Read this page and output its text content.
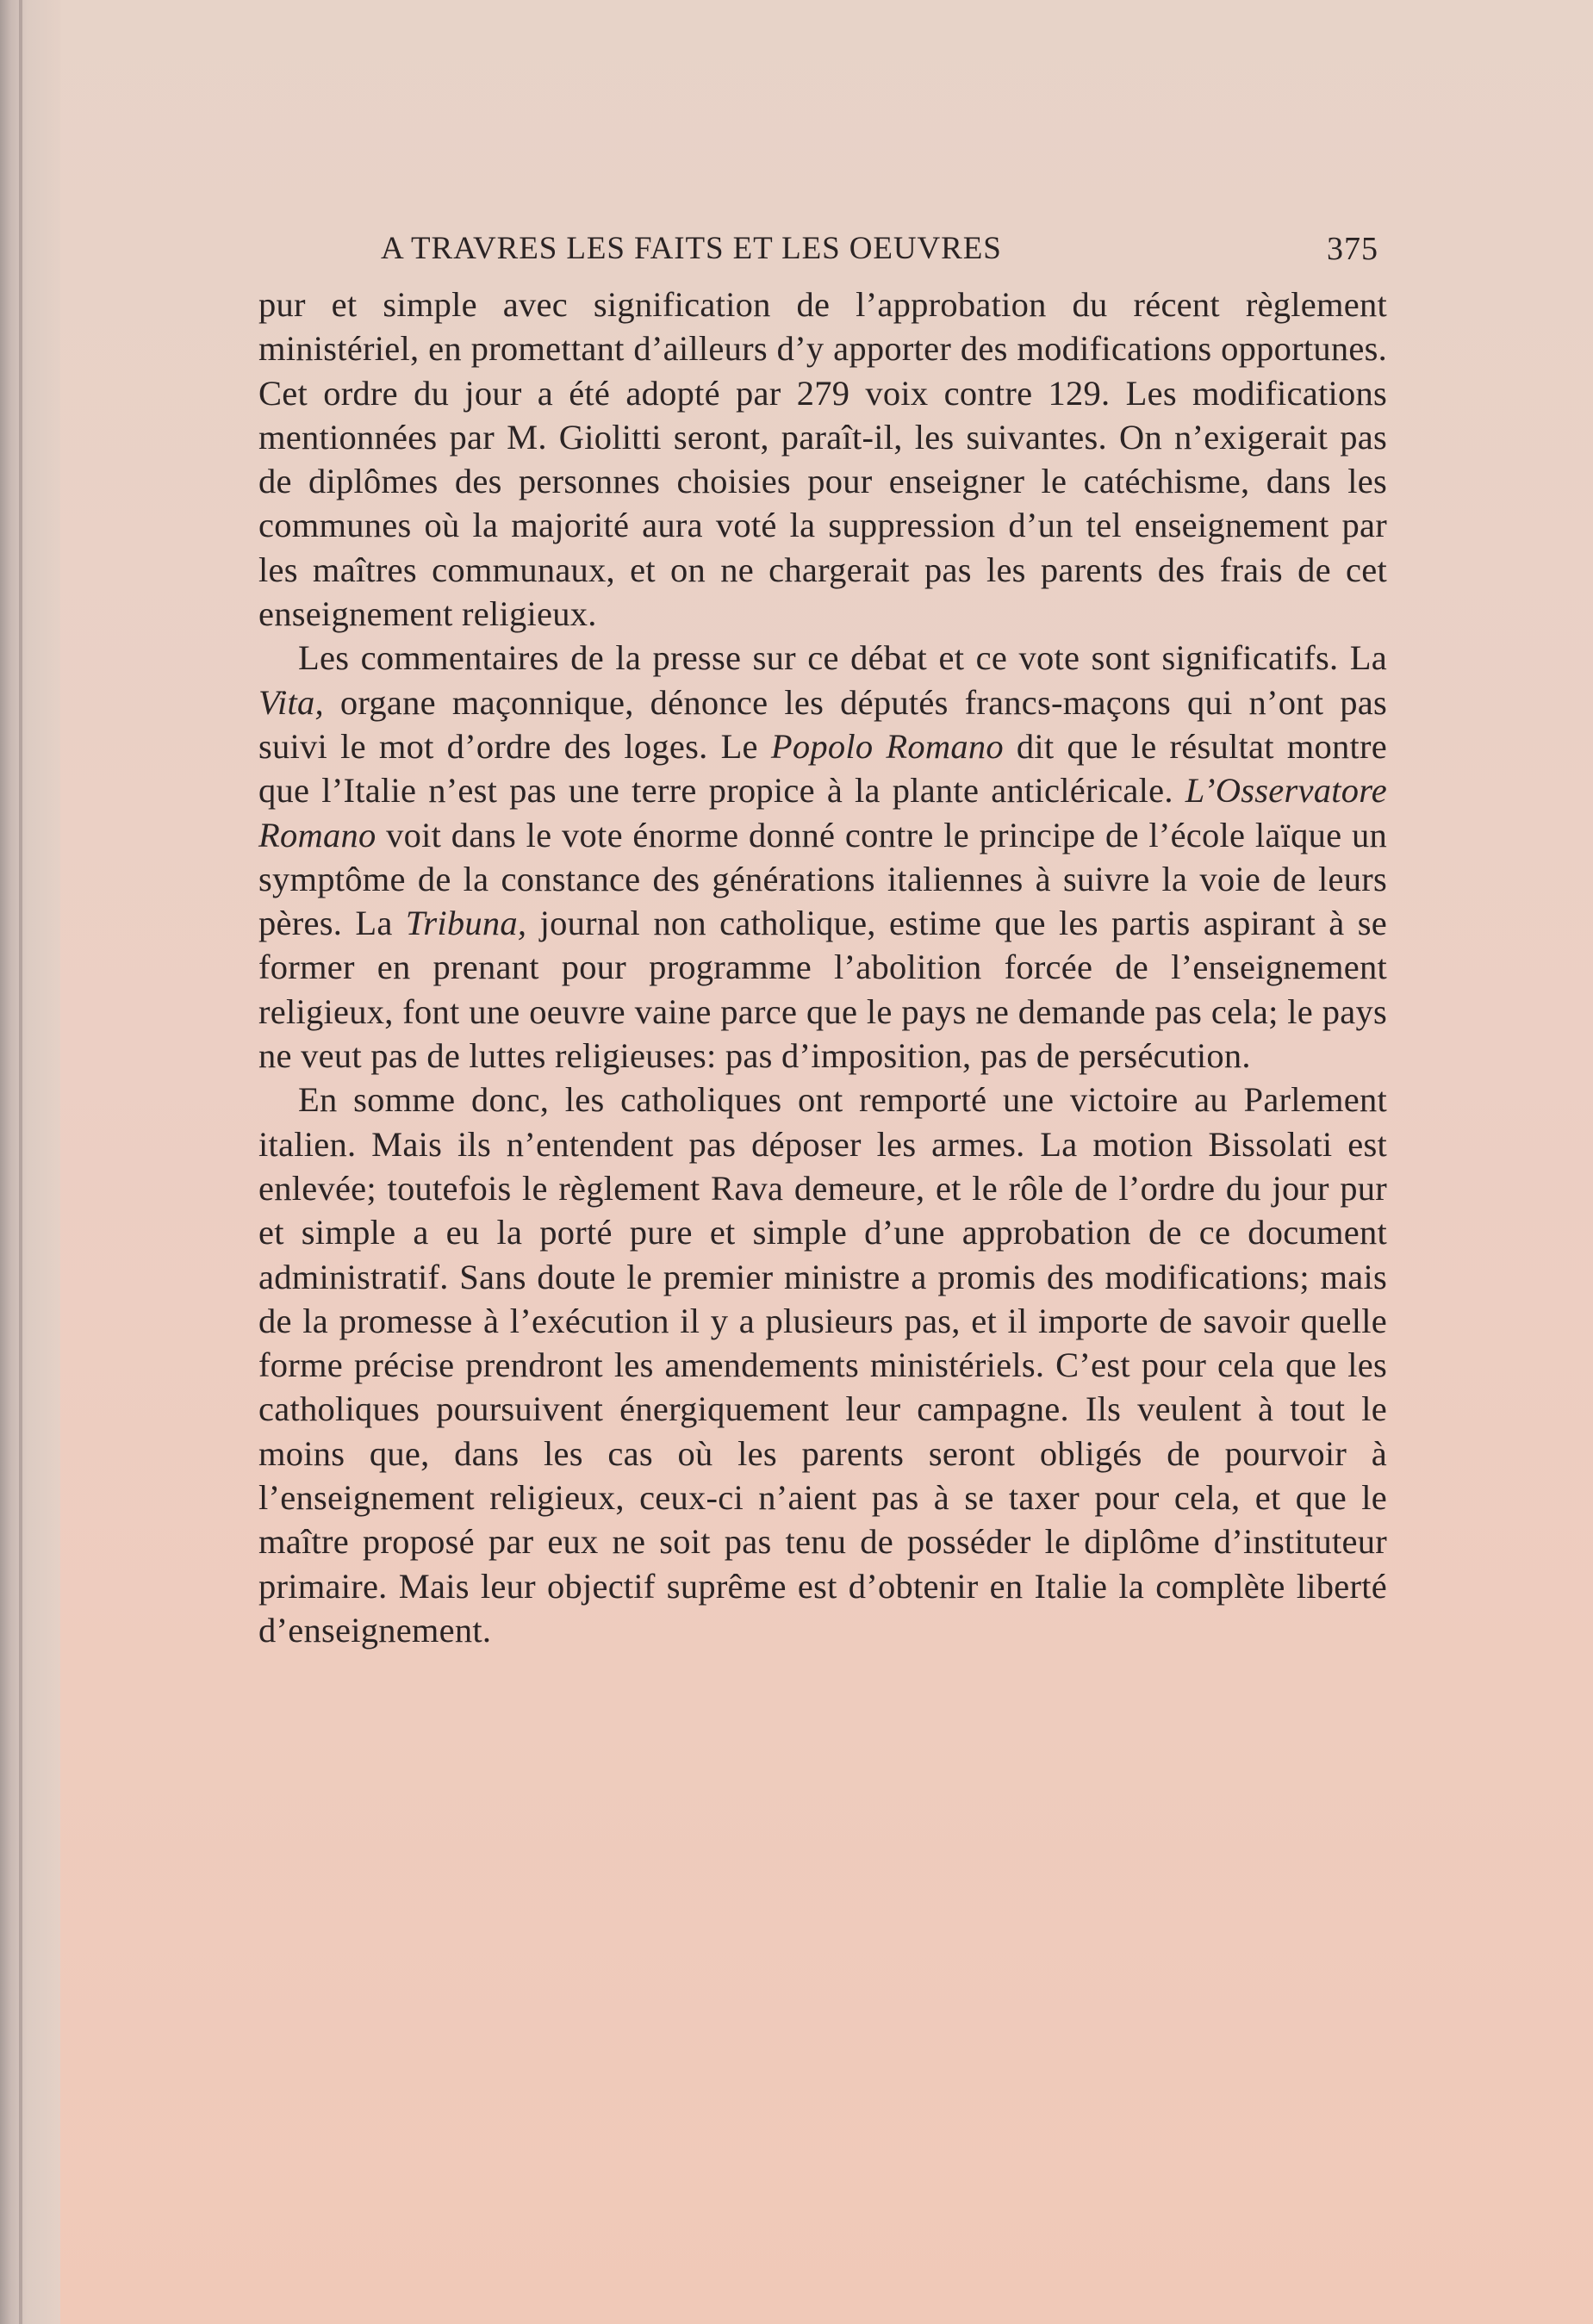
A TRAVRES LES FAITS ET LES OEUVRES	375

pur et simple avec signification de l’approbation du récent règlement ministériel, en promettant d’ailleurs d’y apporter des modifications opportunes. Cet ordre du jour a été adopté par 279 voix contre 129. Les modifications mentionnées par M. Giolitti seront, paraît-il, les suivantes. On n’exigerait pas de diplômes des personnes choisies pour enseigner le catéchisme, dans les communes où la majorité aura voté la suppression d’un tel enseignement par les maîtres communaux, et on ne chargerait pas les parents des frais de cet enseignement religieux.

Les commentaires de la presse sur ce débat et ce vote sont significatifs. La Vita, organe maçonnique, dénonce les députés francs-maçons qui n’ont pas suivi le mot d’ordre des loges. Le Popolo Romano dit que le résultat montre que l’Italie n’est pas une terre propice à la plante anticléricale. L’Osservatore Romano voit dans le vote énorme donné contre le principe de l’école laïque un symptôme de la constance des générations italiennes à suivre la voie de leurs pères. La Tribuna, journal non catholique, estime que les partis aspirant à se former en prenant pour programme l’abolition forcée de l’enseignement religieux, font une oeuvre vaine parce que le pays ne demande pas cela; le pays ne veut pas de luttes religieuses: pas d’imposition, pas de persécution.

En somme donc, les catholiques ont remporté une victoire au Parlement italien. Mais ils n’entendent pas déposer les armes. La motion Bissolati est enlevée; toutefois le règlement Rava demeure, et le rôle de l’ordre du jour pur et simple a eu la porté pure et simple d’une approbation de ce document administratif. Sans doute le premier ministre a promis des modifications; mais de la promesse à l’exécution il y a plusieurs pas, et il importe de savoir quelle forme précise prendront les amendements ministériels. C’est pour cela que les catholiques poursuivent énergiquement leur campagne. Ils veulent à tout le moins que, dans les cas où les parents seront obligés de pourvoir à l’enseignement religieux, ceux-ci n’aient pas à se taxer pour cela, et que le maître proposé par eux ne soit pas tenu de posséder le diplôme d’instituteur primaire. Mais leur objectif suprême est d’obtenir en Italie la complète liberté d’enseignement.
